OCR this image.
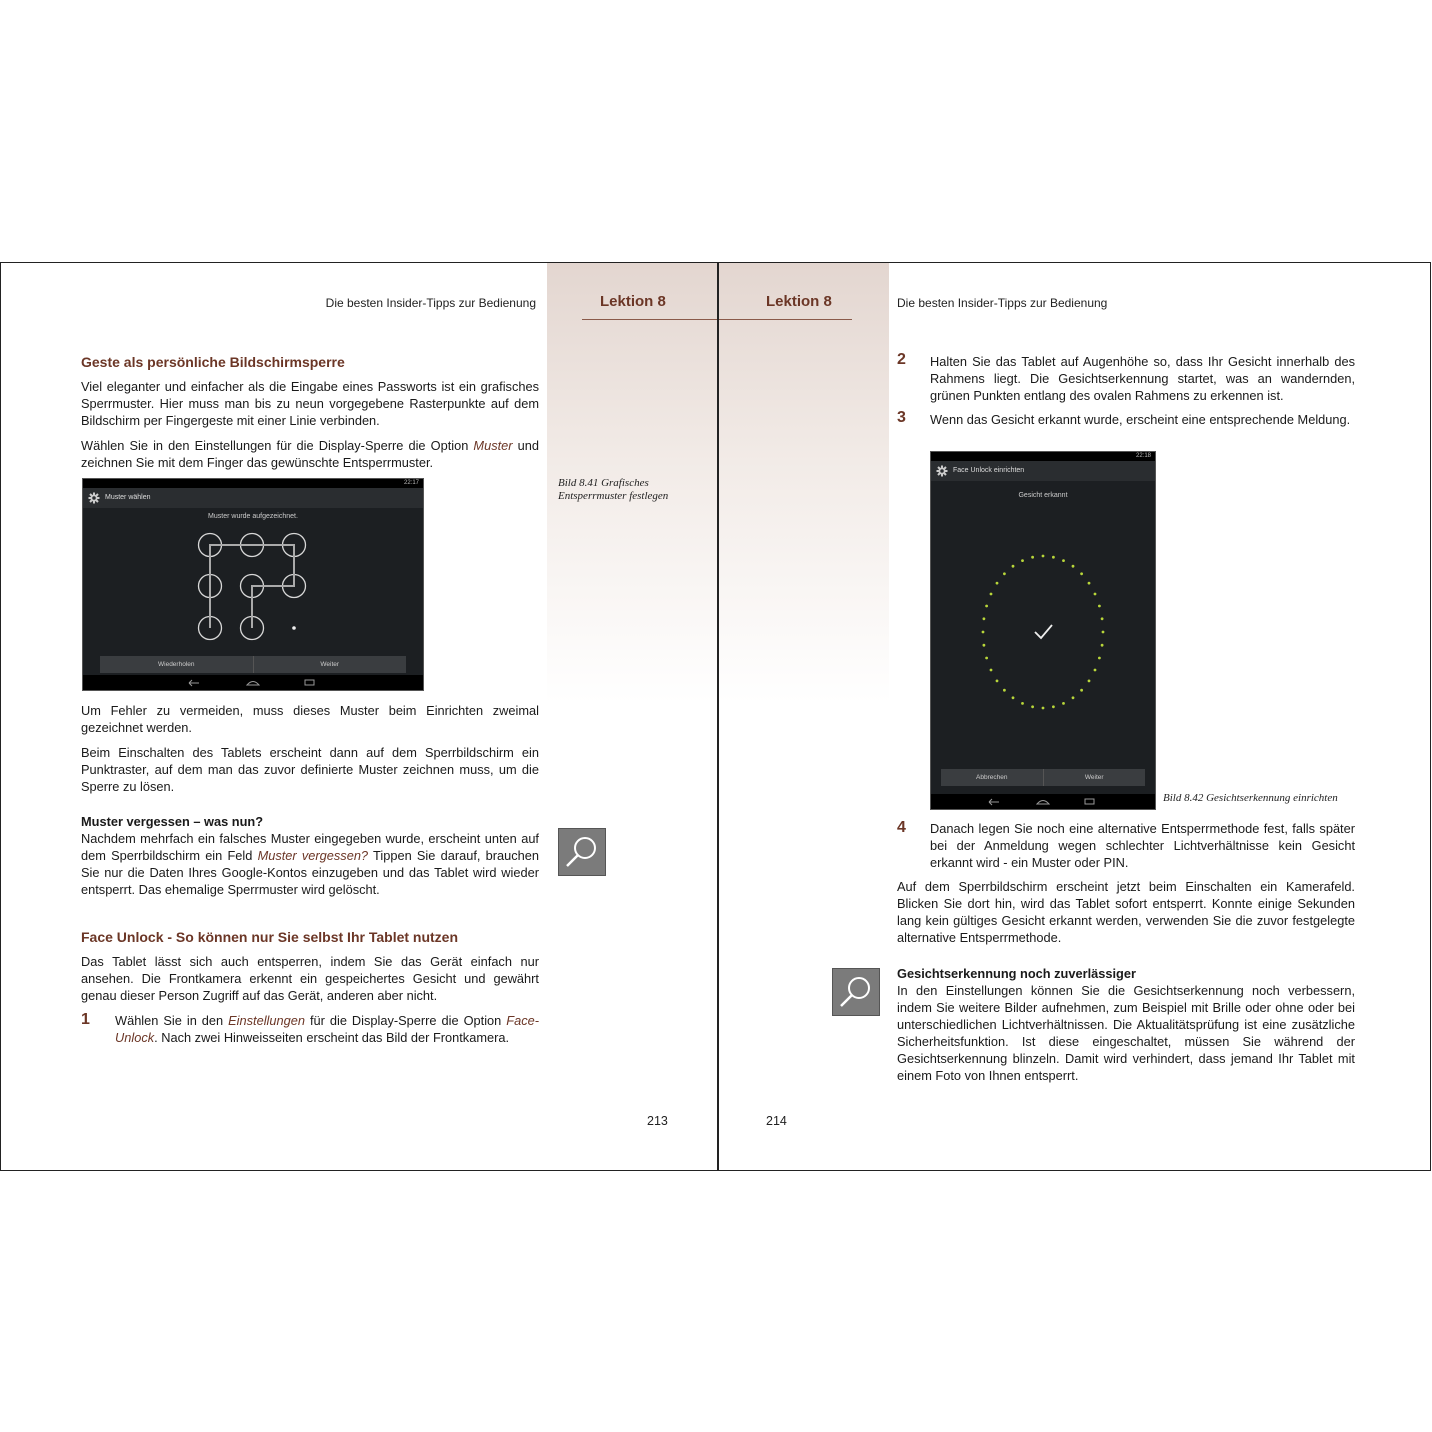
Die besten Insider-Tipps zur Bedienung	Lektion 8
Geste als persönliche Bildschirmsperre

Viel eleganter und einfacher als die Eingabe eines Passworts ist ein grafisches Sperrmuster. Hier muss man bis zu neun vorgegebene Rasterpunkte auf dem Bildschirm per Fingergeste mit einer Linie verbinden.

Wählen Sie in den Einstellungen für die Display-Sperre die Option Muster und zeichnen Sie mit dem Finger das gewünschte Entsperrmuster.

22:17
Muster wählen
Muster wurde aufgezeichnet.
Wiederholen	Weiter
Bild 8.41 Grafisches
Entsperrmuster festlegen

Um Fehler zu vermeiden, muss dieses Muster beim Einrichten zweimal gezeichnet werden.

Beim Einschalten des Tablets erscheint dann auf dem Sperrbildschirm ein Punktraster, auf dem man das zuvor definierte Muster zeichnen muss, um die Sperre zu lösen.

Muster vergessen – was nun?
Nachdem mehrfach ein falsches Muster eingegeben wurde, erscheint unten auf dem Sperrbildschirm ein Feld Muster vergessen? Tippen Sie darauf, brauchen Sie nur die Daten Ihres Google-Kontos einzugeben und das Tablet wird wieder entsperrt. Das ehemalige Sperrmuster wird gelöscht.

Face Unlock - So können nur Sie selbst Ihr Tablet nutzen

Das Tablet lässt sich auch entsperren, indem Sie das Gerät einfach nur ansehen. Die Frontkamera erkennt ein gespeichertes Gesicht und gewährt genau dieser Person Zugriff auf das Gerät, anderen aber nicht.

1 Wählen Sie in den Einstellungen für die Display-Sperre die Option Face-Unlock. Nach zwei Hinweisseiten erscheint das Bild der Frontkamera.

213
Lektion 8	Die besten Insider-Tipps zur Bedienung
2 Halten Sie das Tablet auf Augenhöhe so, dass Ihr Gesicht innerhalb des Rahmens liegt. Die Gesichtserkennung startet, was an wandernden, grünen Punkten entlang des ovalen Rahmens zu erkennen ist.

3 Wenn das Gesicht erkannt wurde, erscheint eine entsprechende Meldung.

22:18
Face Unlock einrichten
Gesicht erkannt
Abbrechen	Weiter
Bild 8.42 Gesichtserkennung einrichten
4 Danach legen Sie noch eine alternative Entsperrmethode fest, falls später bei der Anmeldung wegen schlechter Lichtverhältnisse kein Gesicht erkannt wird - ein Muster oder PIN.

Auf dem Sperrbildschirm erscheint jetzt beim Einschalten ein Kamerafeld. Blicken Sie dort hin, wird das Tablet sofort entsperrt. Konnte einige Sekunden lang kein gültiges Gesicht erkannt werden, verwenden Sie die zuvor festgelegte alternative Entsperrmethode.

Gesichtserkennung noch zuverlässiger
In den Einstellungen können Sie die Gesichtserkennung noch verbessern, indem Sie weitere Bilder aufnehmen, zum Beispiel mit Brille oder ohne oder bei unterschiedlichen Lichtverhältnissen. Die Aktualitätsprüfung ist eine zusätzliche Sicherheitsfunktion. Ist diese eingeschaltet, müssen Sie während der Gesichtserkennung blinzeln. Damit wird verhindert, dass jemand Ihr Tablet mit einem Foto von Ihnen entsperrt.

214
